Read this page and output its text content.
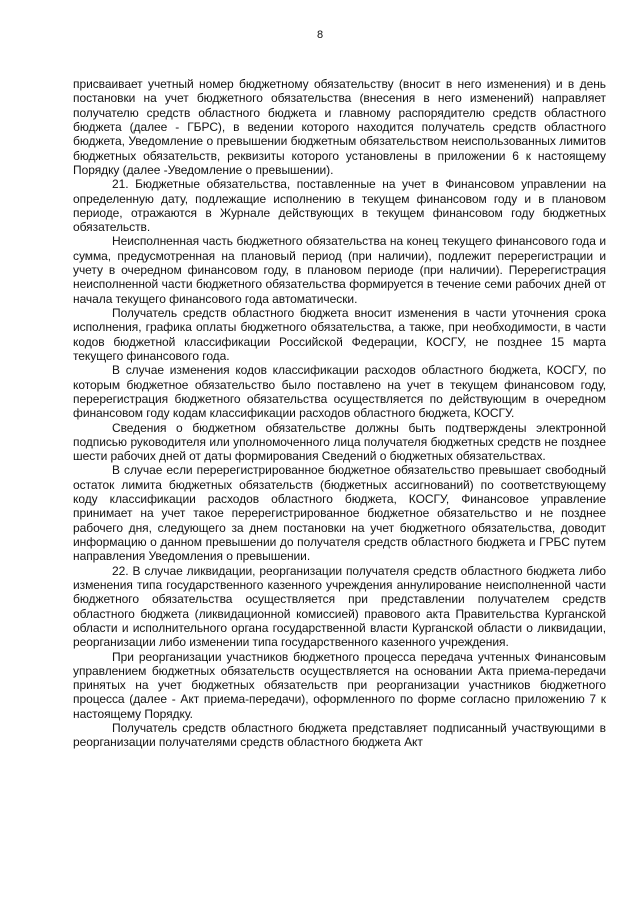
8

присваивает учетный номер бюджетному обязательству (вносит в него изменения) и в день постановки на учет бюджетного обязательства (внесения в него изменений) направляет получателю средств областного бюджета и главному распорядителю средств областного бюджета (далее - ГБРС), в ведении которого находится получатель средств областного бюджета, Уведомление о превышении бюджетным обязательством неиспользованных лимитов бюджетных обязательств, реквизиты которого установлены в приложении 6 к настоящему Порядку (далее -Уведомление о превышении).

21. Бюджетные обязательства, поставленные на учет в Финансовом управлении на определенную дату, подлежащие исполнению в текущем финансовом году и в плановом периоде, отражаются в Журнале действующих в текущем финансовом году бюджетных обязательств.

Неисполненная часть бюджетного обязательства на конец текущего финансового года и сумма, предусмотренная на плановый период (при наличии), подлежит перерегистрации и учету в очередном финансовом году, в плановом периоде (при наличии). Перерегистрация неисполненной части бюджетного обязательства формируется в течение семи рабочих дней от начала текущего финансового года автоматически.

Получатель средств областного бюджета вносит изменения в части уточнения срока исполнения, графика оплаты бюджетного обязательства, а также, при необходимости, в части кодов бюджетной классификации Российской Федерации, КОСГУ, не позднее 15 марта текущего финансового года.

В случае изменения кодов классификации расходов областного бюджета, КОСГУ, по которым бюджетное обязательство было поставлено на учет в текущем финансовом году, перерегистрация бюджетного обязательства осуществляется по действующим в очередном финансовом году кодам классификации расходов областного бюджета, КОСГУ.

Сведения о бюджетном обязательстве должны быть подтверждены электронной подписью руководителя или уполномоченного лица получателя бюджетных средств не позднее шести рабочих дней от даты формирования Сведений о бюджетных обязательствах.

В случае если перерегистрированное бюджетное обязательство превышает свободный остаток лимита бюджетных обязательств (бюджетных ассигнований) по соответствующему коду классификации расходов областного бюджета, КОСГУ, Финансовое управление принимает на учет такое перерегистрированное бюджетное обязательство и не позднее рабочего дня, следующего за днем постановки на учет бюджетного обязательства, доводит информацию о данном превышении до получателя средств областного бюджета и ГРБС путем направления Уведомления о превышении.

22. В случае ликвидации, реорганизации получателя средств областного бюджета либо изменения типа государственного казенного учреждения аннулирование неисполненной части бюджетного обязательства осуществляется при представлении получателем средств областного бюджета (ликвидационной комиссией) правового акта Правительства Курганской области и исполнительного органа государственной власти Курганской области о ликвидации, реорганизации либо изменении типа государственного казенного учреждения.

При реорганизации участников бюджетного процесса передача учтенных Финансовым управлением бюджетных обязательств осуществляется на основании Акта приема-передачи принятых на учет бюджетных обязательств при реорганизации участников бюджетного процесса (далее - Акт приема-передачи), оформленного по форме согласно приложению 7 к настоящему Порядку.

Получатель средств областного бюджета представляет подписанный участвующими в реорганизации получателями средств областного бюджета Акт
